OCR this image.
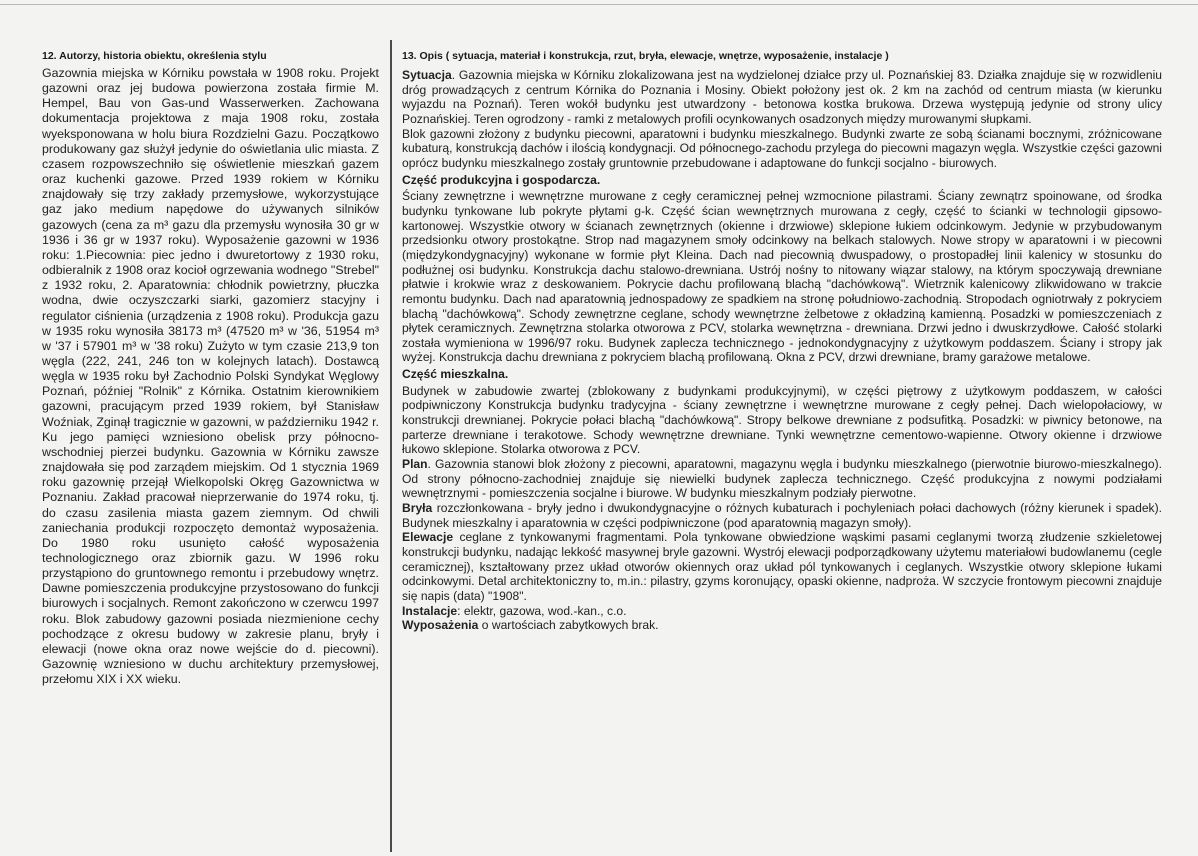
12. Autorzy, historia obiektu, określenia stylu

Gazownia miejska w Kórniku powstała w 1908 roku. Projekt gazowni oraz jej budowa powierzona została firmie M. Hempel, Bau von Gas-und Wasserwerken. Zachowana dokumentacja projektowa z maja 1908 roku, została wyeksponowana w holu biura Rozdzielni Gazu. Początkowo produkowany gaz służył jedynie do oświetlania ulic miasta. Z czasem rozpowszechniło się oświetlenie mieszkań gazem oraz kuchenki gazowe. Przed 1939 rokiem w Kórniku znajdowały się trzy zakłady przemysłowe, wykorzystujące gaz jako medium napędowe do używanych silników gazowych (cena za m³ gazu dla przemysłu wynosiła 30 gr w 1936 i 36 gr w 1937 roku). Wyposażenie gazowni w 1936 roku: 1.Piecownia: piec jedno i dwuretortowy z 1930 roku, odbieralnik z 1908 oraz kocioł ogrzewania wodnego "Strebel" z 1932 roku, 2. Aparatownia: chłodnik powietrzny, płuczka wodna, dwie oczyszczarki siarki, gazomierz stacyjny i regulator ciśnienia (urządzenia z 1908 roku). Produkcja gazu w 1935 roku wynosiła 38173 m³ (47520 m³ w '36, 51954 m³ w '37 i 57901 m³ w '38 roku) Zużyto w tym czasie 213,9 ton węgla (222, 241, 246 ton w kolejnych latach). Dostawcą węgla w 1935 roku był Zachodnio Polski Syndykat Węglowy Poznań, później "Rolnik" z Kórnika. Ostatnim kierownikiem gazowni, pracującym przed 1939 rokiem, był Stanisław Woźniak, Zginął tragicznie w gazowni, w październiku 1942 r. Ku jego pamięci wzniesiono obelisk przy północno-wschodniej pierzei budynku. Gazownia w Kórniku zawsze znajdowała się pod zarządem miejskim. Od 1 stycznia 1969 roku gazownię przejął Wielkopolski Okręg Gazownictwa w Poznaniu. Zakład pracował nieprzerwanie do 1974 roku, tj. do czasu zasilenia miasta gazem ziemnym. Od chwili zaniechania produkcji rozpoczęto demontaż wyposażenia. Do 1980 roku usunięto całość wyposażenia technologicznego oraz zbiornik gazu. W 1996 roku przystąpiono do gruntownego remontu i przebudowy wnętrz. Dawne pomieszczenia produkcyjne przystosowano do funkcji biurowych i socjalnych. Remont zakończono w czerwcu 1997 roku. Blok zabudowy gazowni posiada niezmienione cechy pochodzące z okresu budowy w zakresie planu, bryły i elewacji (nowe okna oraz nowe wejście do d. piecowni). Gazownię wzniesiono w duchu architektury przemysłowej, przełomu XIX i XX wieku.

13. Opis ( sytuacja, materiał i konstrukcja, rzut, bryła, elewacje, wnętrze, wyposażenie, instalacje )

Sytuacja. Gazownia miejska w Kórniku zlokalizowana jest na wydzielonej działce przy ul. Poznańskiej 83. Działka znajduje się w rozwidleniu dróg prowadzących z centrum Kórnika do Poznania i Mosiny. Obiekt położony jest ok. 2 km na zachód od centrum miasta (w kierunku wyjazdu na Poznań). Teren wokół budynku jest utwardzony - betonowa kostka brukowa. Drzewa występują jedynie od strony ulicy Poznańskiej. Teren ogrodzony - ramki z metalowych profili ocynkowanych osadzonych między murowanymi słupkami.

Blok gazowni złożony z budynku piecowni, aparatowni i budynku mieszkalnego. Budynki zwarte ze sobą ścianami bocznymi, zróżnicowane kubaturą, konstrukcją dachów i ilością kondygnacji. Od północnego-zachodu przylega do piecowni magazyn węgla. Wszystkie części gazowni oprócz budynku mieszkalnego zostały gruntownie przebudowane i adaptowane do funkcji socjalno - biurowych.

Część produkcyjna i gospodarcza.

Ściany zewnętrzne i wewnętrzne murowane z cegły ceramicznej pełnej wzmocnione pilastrami. Ściany zewnątrz spoinowane, od środka budynku tynkowane lub pokryte płytami g-k. Część ścian wewnętrznych murowana z cegły, część to ścianki w technologii gipsowo-kartonowej. Wszystkie otwory w ścianach zewnętrznych (okienne i drzwiowe) sklepione łukiem odcinkowym. Jedynie w przybudowanym przedsionku otwory prostokątne. Strop nad magazynem smoły odcinkowy na belkach stalowych. Nowe stropy w aparatowni i w piecowni (międzykondygnacyjny) wykonane w formie płyt Kleina. Dach nad piecownią dwuspadowy, o prostopadłej linii kalenicy w stosunku do podłużnej osi budynku. Konstrukcja dachu stalowo-drewniana. Ustrój nośny to nitowany wiązar stalowy, na którym spoczywają drewniane płatwie i krokwie wraz z deskowaniem. Pokrycie dachu profilowaną blachą "dachówkową". Wietrznik kalenicowy zlikwidowano w trakcie remontu budynku. Dach nad aparatownią jednospadowy ze spadkiem na stronę południowo-zachodnią. Stropodach ogniotrwały z pokryciem blachą "dachówkową". Schody zewnętrzne ceglane, schody wewnętrzne żelbetowe z okładziną kamienną. Posadzki w pomieszczeniach z płytek ceramicznych. Zewnętrzna stolarka otworowa z PCV, stolarka wewnętrzna - drewniana. Drzwi jedno i dwuskrzydłowe. Całość stolarki została wymieniona w 1996/97 roku. Budynek zaplecza technicznego - jednokondygnacyjny z użytkowym poddaszem. Ściany i stropy jak wyżej. Konstrukcja dachu drewniana z pokryciem blachą profilowaną. Okna z PCV, drzwi drewniane, bramy garażowe metalowe.

Część mieszkalna.

Budynek w zabudowie zwartej (zblokowany z budynkami produkcyjnymi), w części piętrowy z użytkowym poddaszem, w całości podpiwniczony Konstrukcja budynku tradycyjna - ściany zewnętrzne i wewnętrzne murowane z cegły pełnej. Dach wielopołaciowy, w konstrukcji drewnianej. Pokrycie połaci blachą "dachówkową". Stropy belkowe drewniane z podsufitką. Posadzki: w piwnicy betonowe, na parterze drewniane i terakotowe. Schody wewnętrzne drewniane. Tynki wewnętrzne cementowo-wapienne. Otwory okienne i drzwiowe łukowo sklepione. Stolarka otworowa z PCV.

Plan. Gazownia stanowi blok złożony z piecowni, aparatowni, magazynu węgla i budynku mieszkalnego (pierwotnie biurowo-mieszkalnego). Od strony północno-zachodniej znajduje się niewielki budynek zaplecza technicznego. Część produkcyjna z nowymi podziałami wewnętrznymi - pomieszczenia socjalne i biurowe. W budynku mieszkalnym podziały pierwotne.

Bryła rozczłonkowana - bryły jedno i dwukondygnacyjne o różnych kubaturach i pochyleniach połaci dachowych (różny kierunek i spadek). Budynek mieszkalny i aparatownia w części podpiwniczone (pod aparatownią magazyn smoły).

Elewacje ceglane z tynkowanymi fragmentami. Pola tynkowane obwiedzione wąskimi pasami ceglanymi tworzą złudzenie szkieletowej konstrukcji budynku, nadając lekkość masywnej bryle gazowni. Wystrój elewacji podporządkowany użytemu materiałowi budowlanemu (cegle ceramicznej), kształtowany przez układ otworów okiennych oraz układ pól tynkowanych i ceglanych. Wszystkie otwory sklepione łukami odcinkowymi. Detal architektoniczny to, m.in.: pilastry, gzyms koronujący, opaski okienne, nadproża. W szczycie frontowym piecowni znajduje się napis (data) "1908".

Instalacje: elektr, gazowa, wod.-kan., c.o.

Wyposażenia o wartościach zabytkowych brak.
